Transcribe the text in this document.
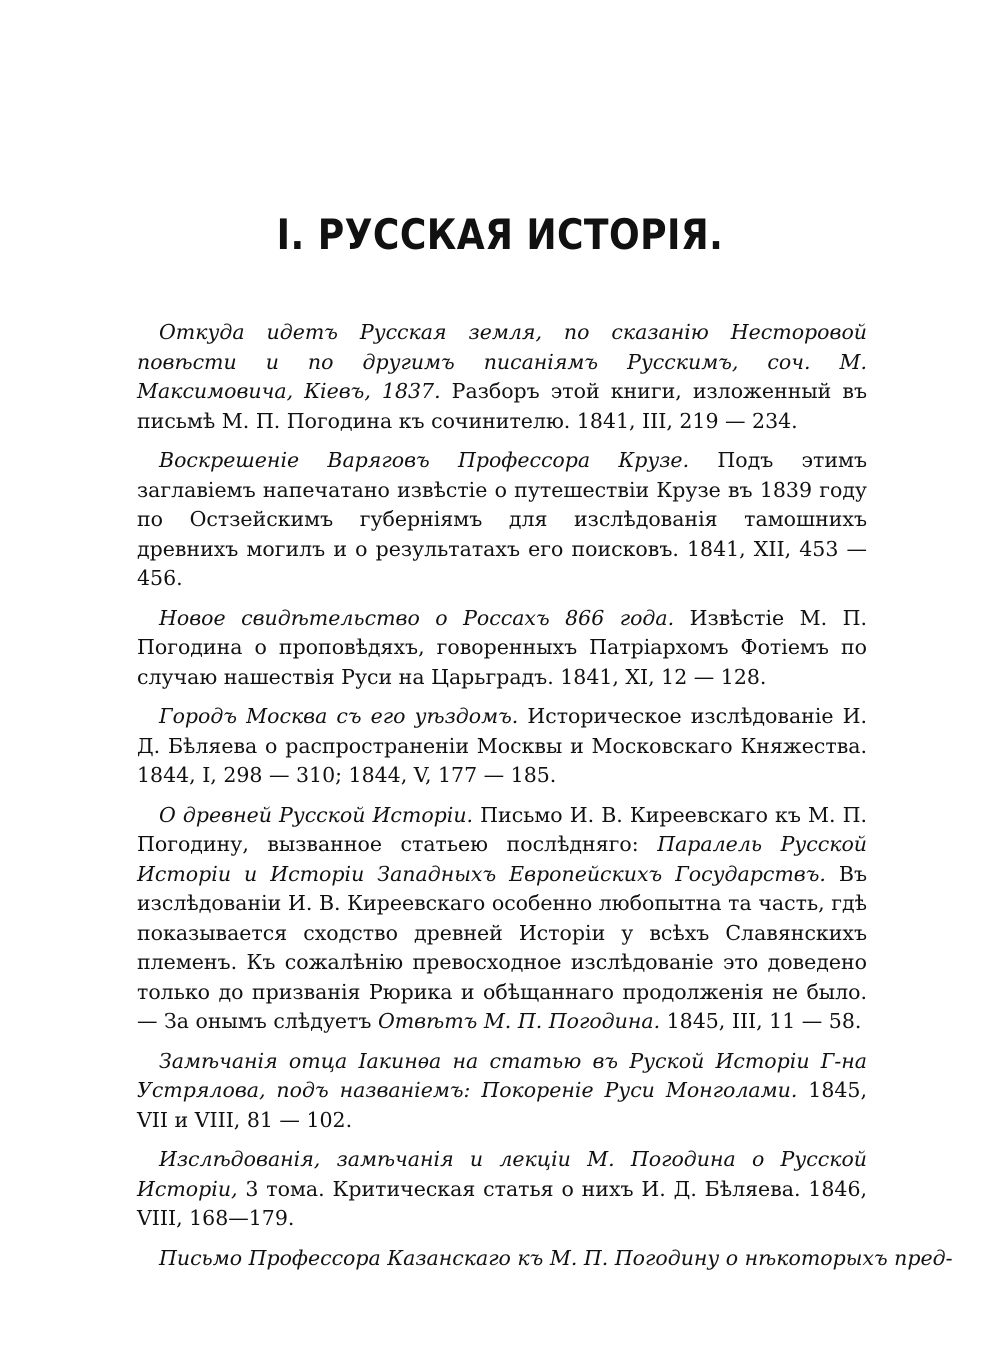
I. РУССКАЯ ИСТОРІЯ.

Откуда идетъ Русская земля, по сказанію Несторовой повѣсти и по другимъ писаніямъ Русскимъ, соч. М. Максимовича, Кіевъ, 1837. Разборъ этой книги, изложенный въ письмѣ М. П. Погодина къ сочинителю. 1841, III, 219 — 234.

Воскрешеніе Варяговъ Профессора Крузе. Подъ этимъ заглавіемъ напечатано извѣстіе о путешествіи Крузе въ 1839 году по Остзейскимъ губерніямъ для изслѣдованія тамошнихъ древнихъ могилъ и о результатахъ его поисковъ. 1841, XII, 453 — 456.

Новое свидѣтельство о Россахъ 866 года. Извѣстіе М. П. Погодина о проповѣдяхъ, говоренныхъ Патріархомъ Фотіемъ по случаю нашествія Руси на Царьградъ. 1841, XI, 12 — 128.

Городъ Москва съ его уѣздомъ. Историческое изслѣдованіе И. Д. Бѣляева о распространеніи Москвы и Московскаго Княжества. 1844, I, 298 — 310; 1844, V, 177 — 185.

О древней Русской Исторіи. Письмо И. В. Киреевскаго къ М. П. Погодину, вызванное статьею послѣдняго: Паралель Русской Исторіи и Исторіи Западныхъ Европейскихъ Государствъ. Въ изслѣдованіи И. В. Киреевскаго особенно любопытна та часть, гдѣ показывается сходство древней Исторіи у всѣхъ Славянскихъ племенъ. Къ сожалѣнію превосходное изслѣдованіе это доведено только до призванія Рюрика и обѣщаннаго продолженія не было. — За онымъ слѣдуетъ Отвѣтъ М. П. Погодина. 1845, III, 11 — 58.

Замѣчанія отца Іакинѳа на статью въ Руской Исторіи Г-на Устрялова, подъ названіемъ: Покореніе Руси Монголами. 1845, VII и VIII, 81 — 102.

Изслѣдованія, замѣчанія и лекціи М. Погодина о Русской Исторіи, 3 тома. Критическая статья о нихъ И. Д. Бѣляева. 1846, VIII, 168—179.

Письмо Профессора Казанскаго къ М. П. Погодину о нѣкоторыхъ пред-
